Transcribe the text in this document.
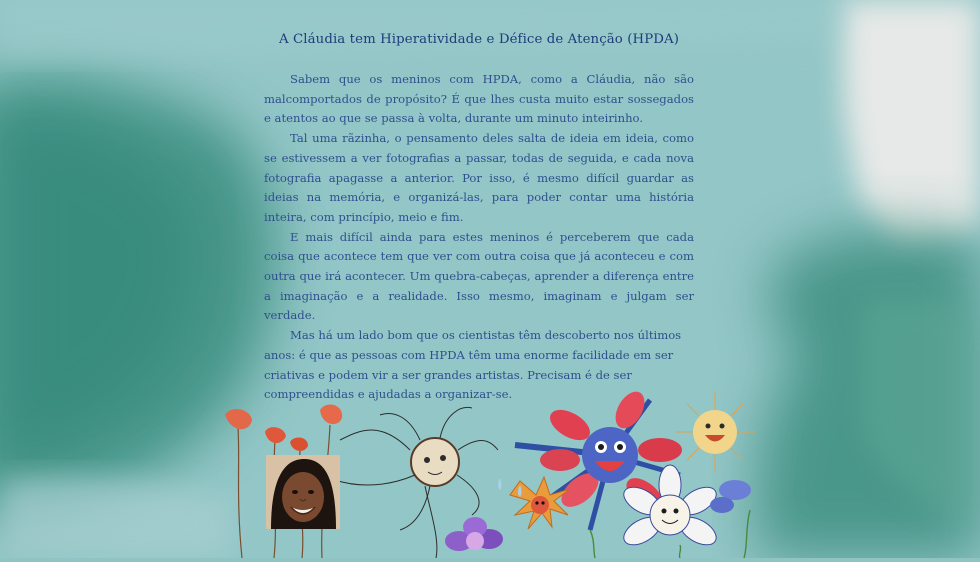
A Cláudia tem Hiperatividade e Défice de Atenção (HPDA)

Sabem que os meninos com HPDA, como a Cláudia, não são malcomportados de propósito? É que lhes custa muito estar sossegados e atentos ao que se passa à volta, durante um minuto inteirinho.

Tal uma rãzinha, o pensamento deles salta de ideia em ideia, como se estivessem a ver fotografias a passar, todas de seguida, e cada nova fotografia apagasse a anterior. Por isso, é mesmo difícil guardar as ideias na memória, e organizá-las, para poder contar uma história inteira, com princípio, meio e fim.

E mais difícil ainda para estes meninos é perceberem que cada coisa que acontece tem que ver com outra coisa que já aconteceu e com outra que irá acontecer. Um quebra-cabeças, aprender a diferença entre a imaginação e a realidade. Isso mesmo, imaginam e julgam ser verdade.

Mas há um lado bom que os cientistas têm descoberto nos últimos anos: é que as pessoas com HPDA têm uma enorme facilidade em ser criativas e podem vir a ser grandes artistas. Precisam é de ser compreendidas e ajudadas a organizar-se.
